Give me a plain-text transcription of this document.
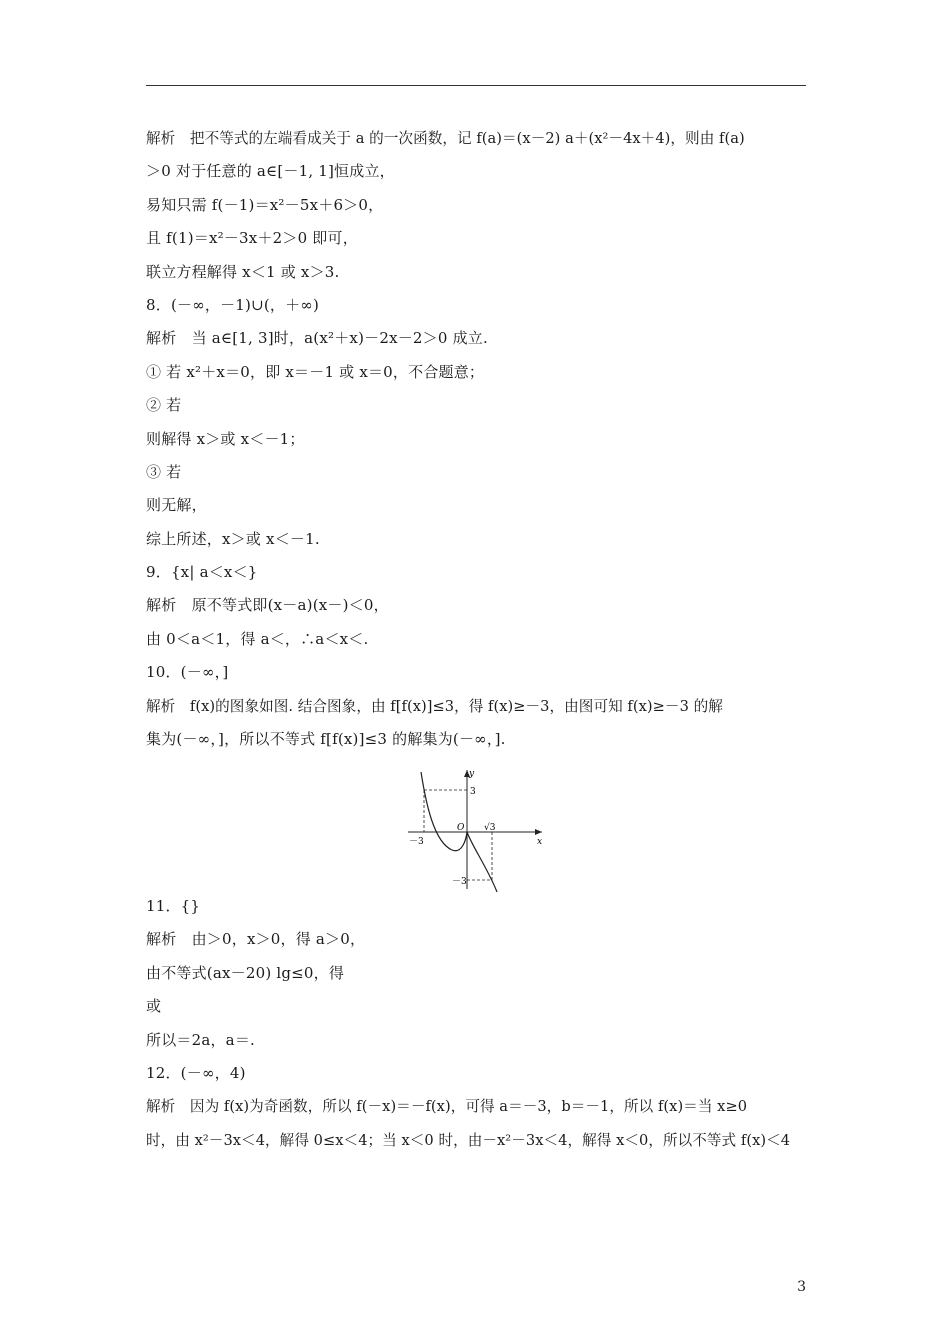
解析　把不等式的左端看成关于 a 的一次函数，记 f(a)＝(x－2) a＋(x²－4x＋4)，则由 f(a)
＞0 对于任意的 a∈[－1, 1]恒成立，
易知只需 f(－1)＝x²－5x＋6＞0，
且 f(1)＝x²－3x＋2＞0 即可，
联立方程解得 x＜1 或 x＞3.
8．(－∞，－1)∪(，＋∞)
解析　当 a∈[1, 3]时，a(x²＋x)－2x－2＞0 成立.
① 若 x²＋x＝0，即 x＝－1 或 x＝0，不合题意；
② 若
则解得 x＞或 x＜－1；
③ 若
则无解，
综上所述，x＞或 x＜－1.
9．{x| a＜x＜}
解析　原不等式即(x－a)(x－)＜0，
由 0＜a＜1，得 a＜，∴a＜x＜.
10．(－∞，]
解析　f(x)的图象如图. 结合图象，由 f[f(x)]≤3，得 f(x)≥－3，由图可知 f(x)≥－3 的解
集为(－∞，]，所以不等式 f[f(x)]≤3 的解集为(－∞，].
11．{}
解析　由＞0，x＞0，得 a＞0，
由不等式(ax－20) lg≤0，得
或
所以＝2a，a＝.
12．(－∞，4)
解析　因为 f(x)为奇函数，所以 f(－x)＝－f(x)，可得 a＝－3，b＝－1，所以 f(x)＝当 x≥0
时，由 x²－3x＜4，解得 0≤x＜4；当 x＜0 时，由－x²－3x＜4，解得 x＜0，所以不等式 f(x)＜4
y
x
O
3
－3
－3
√3
3
